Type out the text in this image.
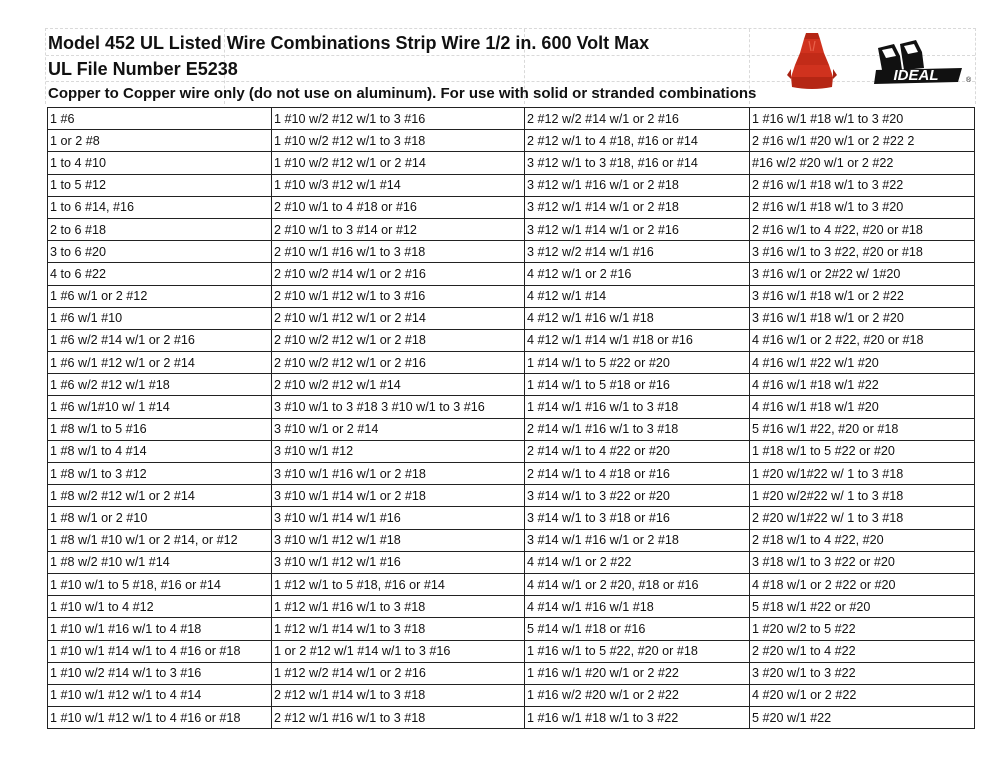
Model 452 UL Listed Wire Combinations Strip Wire 1/2 in. 600 Volt Max
UL File Number E5238
Copper to Copper wire only (do not use on aluminum). For use with solid or stranded combinations
IDEAL	®
1 #6	1 #10 w/2 #12 w/1 to 3 #16	2 #12 w/2 #14 w/1 or 2 #16	1 #16 w/1 #18 w/1 to 3 #20
1 or 2 #8	1 #10 w/2 #12 w/1 to 3 #18	2 #12 w/1 to 4 #18, #16 or #14	2 #16 w/1 #20 w/1 or 2 #22 2
1 to 4 #10	1 #10 w/2 #12 w/1 or 2 #14	3 #12 w/1 to 3 #18, #16 or #14	#16 w/2 #20 w/1 or 2 #22
1 to 5 #12	1 #10 w/3 #12 w/1 #14	3 #12 w/1 #16 w/1 or 2 #18	2 #16 w/1 #18 w/1 to 3 #22
1 to 6 #14, #16	2 #10 w/1 to 4 #18 or #16	3 #12 w/1 #14 w/1 or 2 #18	2 #16 w/1 #18 w/1 to 3 #20
2 to 6 #18	2 #10 w/1 to 3 #14 or #12	3 #12 w/1 #14 w/1 or 2 #16	2 #16 w/1 to 4 #22, #20 or #18
3 to 6 #20	2 #10 w/1 #16 w/1 to 3 #18	3 #12 w/2 #14 w/1 #16	3 #16 w/1 to 3 #22, #20 or #18
4 to 6 #22	2 #10 w/2 #14 w/1 or 2 #16	4 #12 w/1 or 2 #16	3 #16 w/1 or 2#22 w/ 1#20
1 #6 w/1 or 2 #12	2 #10 w/1 #12 w/1 to 3 #16	4 #12 w/1 #14	3 #16 w/1 #18 w/1 or 2 #22
1 #6 w/1 #10	2 #10 w/1 #12 w/1 or 2 #14	4 #12 w/1 #16 w/1 #18	3 #16 w/1 #18 w/1 or 2 #20
1 #6 w/2 #14 w/1 or 2 #16	2 #10 w/2 #12 w/1 or 2 #18	4 #12 w/1 #14 w/1 #18 or #16	4 #16 w/1 or 2 #22, #20 or #18
1 #6 w/1 #12 w/1 or 2 #14	2 #10 w/2 #12 w/1 or 2 #16	1 #14 w/1 to 5 #22 or #20	4 #16 w/1 #22 w/1 #20
1 #6 w/2 #12 w/1 #18	2 #10 w/2 #12 w/1 #14	1 #14 w/1 to 5 #18 or #16	4 #16 w/1 #18 w/1 #22
1 #6 w/1#10 w/ 1 #14	3 #10 w/1 to 3 #18 3 #10 w/1 to 3 #16	1 #14 w/1 #16 w/1 to 3 #18	4 #16 w/1 #18 w/1 #20
1 #8 w/1 to 5 #16	3 #10 w/1 or 2 #14	2 #14 w/1 #16 w/1 to 3 #18	5 #16 w/1 #22, #20 or #18
1 #8 w/1 to 4 #14	3 #10 w/1 #12	2 #14 w/1 to 4 #22 or #20	1 #18 w/1 to 5 #22 or #20
1 #8 w/1 to 3 #12	3 #10 w/1 #16 w/1 or 2 #18	2 #14 w/1 to 4 #18 or #16	1 #20 w/1#22 w/ 1 to 3 #18
1 #8 w/2 #12 w/1 or 2 #14	3 #10 w/1 #14 w/1 or 2 #18	3 #14 w/1 to 3 #22 or #20	1 #20 w/2#22 w/ 1 to 3 #18
1 #8 w/1 or 2 #10	3 #10 w/1 #14 w/1 #16	3 #14 w/1 to 3 #18 or #16	2 #20 w/1#22 w/ 1 to 3 #18
1 #8 w/1 #10 w/1 or 2 #14, or #12	3 #10 w/1 #12 w/1 #18	3 #14 w/1 #16 w/1 or 2 #18	2 #18 w/1 to 4 #22, #20
1 #8 w/2 #10 w/1 #14	3 #10 w/1 #12 w/1 #16	4 #14 w/1 or 2 #22	3 #18 w/1 to 3 #22 or #20
1 #10 w/1 to 5 #18, #16 or #14	1 #12 w/1 to 5 #18, #16 or #14	4 #14 w/1 or 2 #20, #18 or #16	4 #18 w/1 or 2 #22 or #20
1 #10 w/1 to 4 #12	1 #12 w/1 #16 w/1 to 3 #18	4 #14 w/1 #16 w/1 #18	5 #18 w/1 #22 or #20
1 #10 w/1 #16 w/1 to 4 #18	1 #12 w/1 #14 w/1 to 3 #18	5 #14 w/1 #18 or #16	1 #20 w/2 to 5 #22
1 #10 w/1 #14 w/1 to 4 #16 or #18	1 or 2 #12 w/1 #14 w/1 to 3 #16	1 #16 w/1 to 5 #22, #20 or #18	2 #20 w/1 to 4 #22
1 #10 w/2 #14 w/1 to 3 #16	1 #12 w/2 #14 w/1 or 2 #16	1 #16 w/1 #20 w/1 or 2 #22	3 #20 w/1 to 3 #22
1 #10 w/1 #12 w/1 to 4 #14	2 #12 w/1 #14 w/1 to 3 #18	1 #16 w/2 #20 w/1 or 2 #22	4 #20 w/1 or 2 #22
1 #10 w/1 #12 w/1 to 4 #16 or #18	2 #12 w/1 #16 w/1 to 3 #18	1 #16 w/1 #18 w/1 to 3 #22	5 #20 w/1 #22
